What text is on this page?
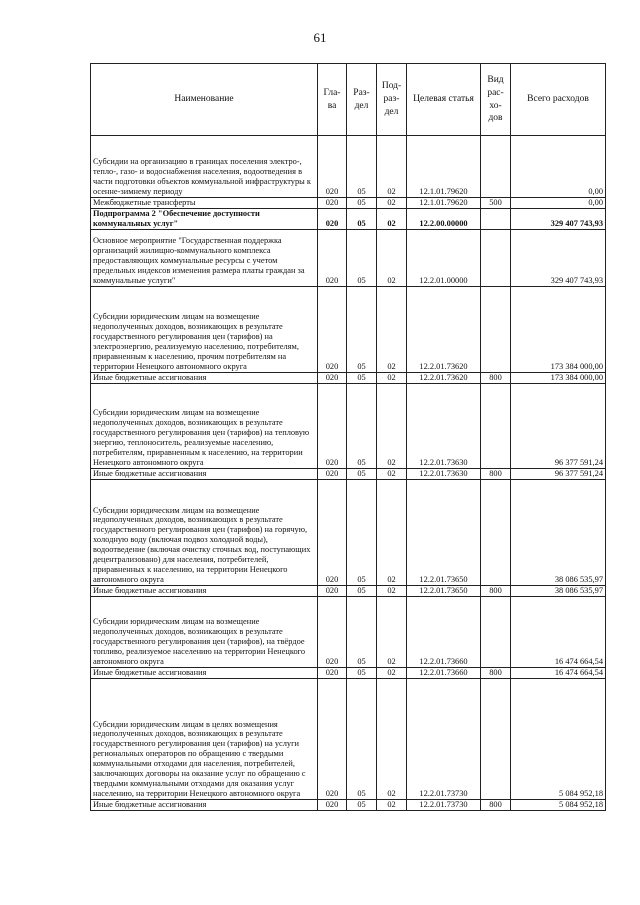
61
Наименование	Гла-ва	Раз-дел	Под-раз-дел	Целевая статья	Вид рас-хо-дов	Всего расходов
Субсидии на организацию в границах поселения электро-, тепло-, газо- и водоснабжения населения, водоотведения в части подготовки объектов коммунальной инфраструктуры к осенне-зимнему периоду	020	05	02	12.1.01.79620		0,00
Межбюджетные трансферты	020	05	02	12.1.01.79620	500	0,00
Подпрограмма 2 "Обеспечение доступности коммунальных услуг"	020	05	02	12.2.00.00000		329 407 743,93
Основное мероприятие "Государственная поддержка организаций жилищно-коммунального комплекса предоставляющих коммунальные ресурсы с учетом предельных индексов изменения размера платы граждан за коммунальные услуги"	020	05	02	12.2.01.00000		329 407 743,93
Субсидии юридическим лицам на возмещение недополученных доходов, возникающих в результате государственного регулирования цен (тарифов) на электроэнергию, реализуемую населению, потребителям, приравненным к населению, прочим потребителям на территории Ненецкого автономного округа	020	05	02	12.2.01.73620		173 384 000,00
Иные бюджетные ассигнования	020	05	02	12.2.01.73620	800	173 384 000,00
Субсидии юридическим лицам на возмещение недополученных доходов, возникающих в результате государственного регулирования цен (тарифов) на тепловую энергию, теплоноситель, реализуемые населению, потребителям, приравненным к населению, на территории Ненецкого автономного округа	020	05	02	12.2.01.73630		96 377 591,24
Иные бюджетные ассигнования	020	05	02	12.2.01.73630	800	96 377 591,24
Субсидии юридическим лицам на возмещение недополученных доходов, возникающих в результате государственного регулирования цен (тарифов) на горячую, холодную воду (включая подвоз холодной воды), водоотведение (включая очистку сточных вод, поступающих децентрализовано) для населения, потребителей, приравненных к населению, на территории Ненецкого автономного округа	020	05	02	12.2.01.73650		38 086 535,97
Иные бюджетные ассигнования	020	05	02	12.2.01.73650	800	38 086 535,97
Субсидии юридическим лицам на возмещение недополученных доходов, возникающих в результате государственного регулирования цен (тарифов), на твёрдое топливо, реализуемое населению на территории Ненецкого автономного округа	020	05	02	12.2.01.73660		16 474 664,54
Иные бюджетные ассигнования	020	05	02	12.2.01.73660	800	16 474 664,54
Субсидии юридическим лицам в целях возмещения недополученных доходов, возникающих в результате государственного регулирования цен (тарифов) на услуги региональных операторов по обращению с твердыми коммунальными отходами для населения, потребителей, заключающих договоры на оказание услуг по обращению с твердыми коммунальными отходами для оказания услуг населению, на территории Ненецкого автономного округа	020	05	02	12.2.01.73730		5 084 952,18
Иные бюджетные ассигнования	020	05	02	12.2.01.73730	800	5 084 952,18
